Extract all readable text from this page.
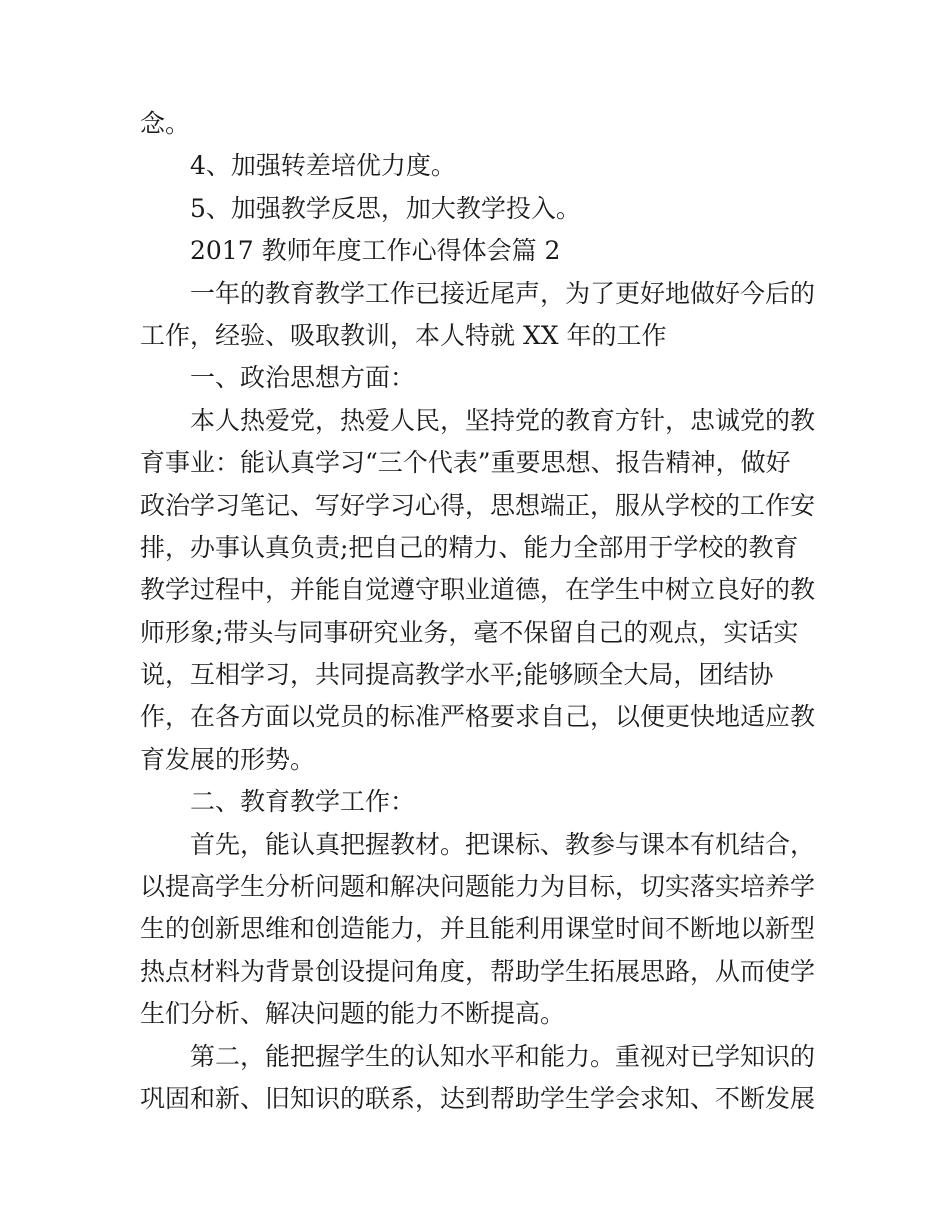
念。
4、加强转差培优力度。
5、加强教学反思，加大教学投入。
2017 教师年度工作心得体会篇 2
一年的教育教学工作已接近尾声，为了更好地做好今后的
工作，经验、吸取教训，本人特就 XX 年的工作
一、政治思想方面：
本人热爱党，热爱人民，坚持党的教育方针，忠诚党的教
育事业：能认真学习“三个代表”重要思想、报告精神，做好
政治学习笔记、写好学习心得，思想端正，服从学校的工作安
排，办事认真负责;把自己的精力、能力全部用于学校的教育
教学过程中，并能自觉遵守职业道德，在学生中树立良好的教
师形象;带头与同事研究业务，毫不保留自己的观点，实话实
说，互相学习，共同提高教学水平;能够顾全大局，团结协
作，在各方面以党员的标准严格要求自己，以便更快地适应教
育发展的形势。
二、教育教学工作：
首先，能认真把握教材。把课标、教参与课本有机结合，
以提高学生分析问题和解决问题能力为目标，切实落实培养学
生的创新思维和创造能力，并且能利用课堂时间不断地以新型
热点材料为背景创设提问角度，帮助学生拓展思路，从而使学
生们分析、解决问题的能力不断提高。
第二，能把握学生的认知水平和能力。重视对已学知识的
巩固和新、旧知识的联系，达到帮助学生学会求知、不断发展
